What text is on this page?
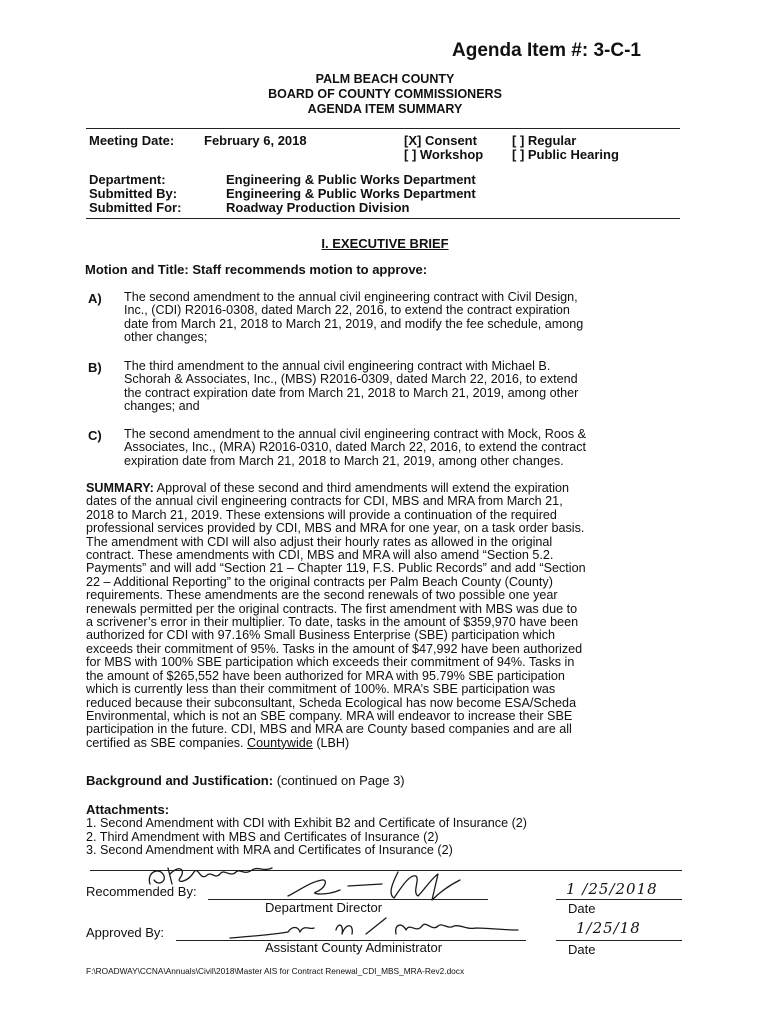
Agenda Item #: 3-C-1
PALM BEACH COUNTY
BOARD OF COUNTY COMMISSIONERS
AGENDA ITEM SUMMARY
Meeting Date: February 6, 2018	[X] Consent	[ ] Regular
[ ] Workshop [ ] Public Hearing
Department:	Engineering & Public Works Department
Submitted By:	Engineering & Public Works Department
Submitted For:	Roadway Production Division
I. EXECUTIVE BRIEF
Motion and Title: Staff recommends motion to approve:
A) The second amendment to the annual civil engineering contract with Civil Design,
Inc., (CDI) R2016-0308, dated March 22, 2016, to extend the contract expiration
date from March 21, 2018 to March 21, 2019, and modify the fee schedule, among
other changes;
B) The third amendment to the annual civil engineering contract with Michael B.
Schorah & Associates, Inc., (MBS) R2016-0309, dated March 22, 2016, to extend
the contract expiration date from March 21, 2018 to March 21, 2019, among other
changes; and
C) The second amendment to the annual civil engineering contract with Mock, Roos &
Associates, Inc., (MRA) R2016-0310, dated March 22, 2016, to extend the contract
expiration date from March 21, 2018 to March 21, 2019, among other changes.
SUMMARY: Approval of these second and third amendments will extend the expiration
dates of the annual civil engineering contracts for CDI, MBS and MRA from March 21,
2018 to March 21, 2019. These extensions will provide a continuation of the required
professional services provided by CDI, MBS and MRA for one year, on a task order basis.
The amendment with CDI will also adjust their hourly rates as allowed in the original
contract. These amendments with CDI, MBS and MRA will also amend “Section 5.2.
Payments” and will add “Section 21 – Chapter 119, F.S. Public Records” and add “Section
22 – Additional Reporting” to the original contracts per Palm Beach County (County)
requirements. These amendments are the second renewals of two possible one year
renewals permitted per the original contracts. The first amendment with MBS was due to
a scrivener’s error in their multiplier. To date, tasks in the amount of $359,970 have been
authorized for CDI with 97.16% Small Business Enterprise (SBE) participation which
exceeds their commitment of 95%. Tasks in the amount of $47,992 have been authorized
for MBS with 100% SBE participation which exceeds their commitment of 94%. Tasks in
the amount of $265,552 have been authorized for MRA with 95.79% SBE participation
which is currently less than their commitment of 100%. MRA’s SBE participation was
reduced because their subconsultant, Scheda Ecological has now become ESA/Scheda
Environmental, which is not an SBE company. MRA will endeavor to increase their SBE
participation in the future. CDI, MBS and MRA are County based companies and are all
certified as SBE companies. Countywide (LBH)
Background and Justification: (continued on Page 3)
Attachments:
1. Second Amendment with CDI with Exhibit B2 and Certificate of Insurance (2)
2. Third Amendment with MBS and Certificates of Insurance (2)
3. Second Amendment with MRA and Certificates of Insurance (2)
Recommended By:
Department Director
1 /25/2018
Date
Approved By:
Assistant County Administrator
1/25/18
Date
F:\ROADWAY\CCNA\Annuals\Civil\2018\Master AIS for Contract Renewal_CDI_MBS_MRA-Rev2.docx
